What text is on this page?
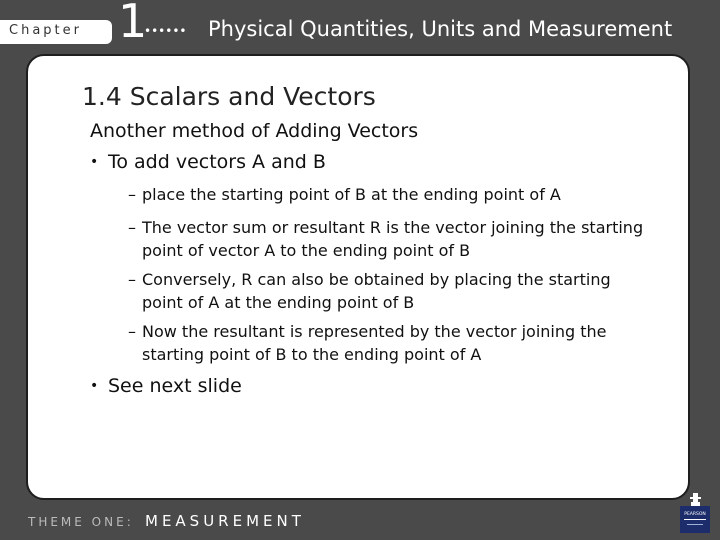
Chapter 1
•••••• Physical Quantities, Units and Measurement
1.4 Scalars and Vectors
Another method of Adding Vectors
• To add vectors A and B
– place the starting point of B at the ending point of A
– The vector sum or resultant R is the vector joining the starting point of vector A to the ending point of B
– Conversely, R can also be obtained by placing the starting point of A at the ending point of B
– Now the resultant is represented by the vector joining the starting point of B to the ending point of A
• See next slide
THEME ONE: MEASUREMENT	PEARSON
